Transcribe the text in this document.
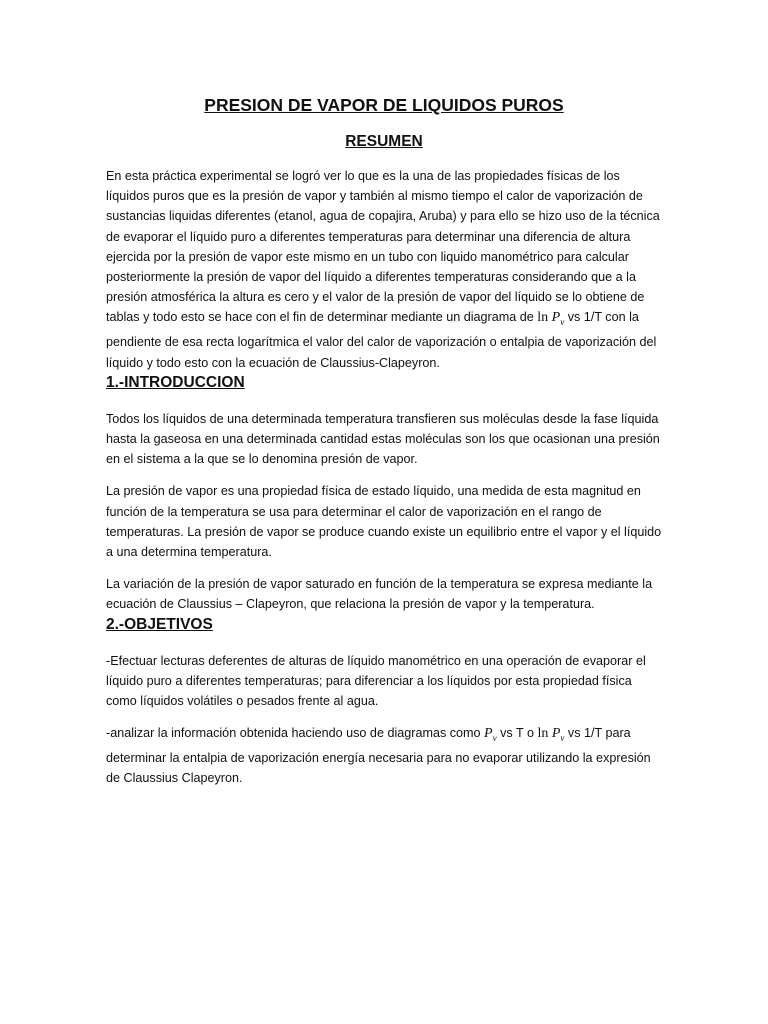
PRESION DE VAPOR DE LIQUIDOS PUROS
RESUMEN

En esta práctica experimental se logró ver lo que es la una de las propiedades físicas de los líquidos puros que es la presión de vapor y también al mismo tiempo el calor de vaporización de sustancias liquidas diferentes (etanol, agua de copajira, Aruba) y para ello se hizo uso de la técnica de evaporar el líquido puro a diferentes temperaturas para determinar una diferencia de altura ejercida por la presión de vapor este mismo en un tubo con liquido manométrico para calcular posteriormente la presión de vapor del líquido a diferentes temperaturas considerando que a la presión atmosférica la altura es cero y el valor de la presión de vapor del líquido se lo obtiene de tablas y todo esto se hace con el fin de determinar mediante un diagrama de $\ln P_v$ vs 1/T con la pendiente de esa recta logarítmica el valor del calor de vaporización o entalpia de vaporización del líquido y todo esto con la ecuación de Claussius-Clapeyron.

1.-INTRODUCCION

Todos los líquidos de una determinada temperatura transfieren sus moléculas desde la fase líquida hasta la gaseosa en una determinada cantidad estas moléculas son los que ocasionan una presión en el sistema a la que se lo denomina presión de vapor.

La presión de vapor es una propiedad física de estado líquido, una medida de esta magnitud en función de la temperatura se usa para determinar el calor de vaporización en el rango de temperaturas. La presión de vapor se produce cuando existe un equilibrio entre el vapor y el líquido a una determina temperatura.

La variación de la presión de vapor saturado en función de la temperatura se expresa mediante la ecuación de Claussius – Clapeyron, que relaciona la presión de vapor y la temperatura.

2.-OBJETIVOS

-Efectuar lecturas deferentes de alturas de líquido manométrico en una operación de evaporar el líquido puro a diferentes temperaturas; para diferenciar a los líquidos por esta propiedad física como líquidos volátiles o pesados frente al agua.

-analizar la información obtenida haciendo uso de diagramas como $P_v$ vs T o $\ln P_v$ vs 1/T para determinar la entalpia de vaporización energía necesaria para no evaporar utilizando la expresión de Claussius Clapeyron.
